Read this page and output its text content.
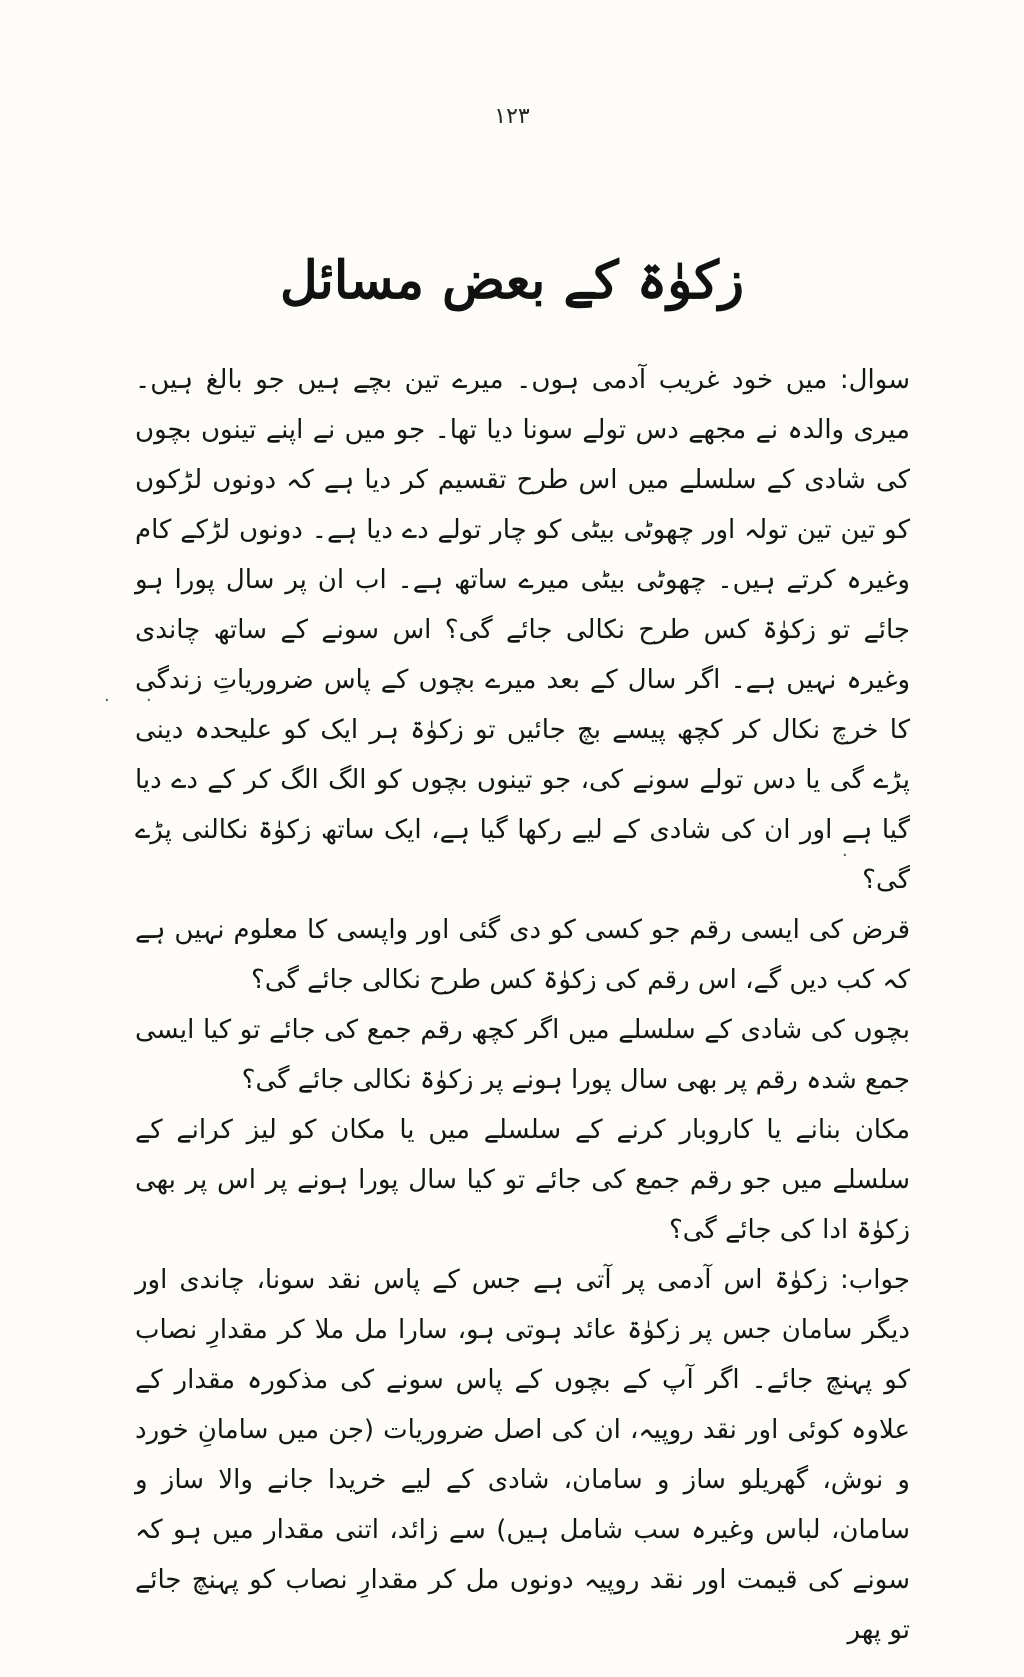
۱۲۳
زکوٰۃ کے بعض مسائل

سوال: میں خود غریب آدمی ہوں۔ میرے تین بچے ہیں جو بالغ ہیں۔ میری والدہ نے مجھے دس تولے سونا دیا تھا۔ جو میں نے اپنے تینوں بچوں کی شادی کے سلسلے میں اس طرح تقسیم کر دیا ہے کہ دونوں لڑکوں کو تین تین تولہ اور چھوٹی بیٹی کو چار تولے دے دیا ہے۔ دونوں لڑکے کام وغیرہ کرتے ہیں۔ چھوٹی بیٹی میرے ساتھ ہے۔ اب ان پر سال پورا ہو جائے تو زکوٰۃ کس طرح نکالی جائے گی؟ اس سونے کے ساتھ چاندی وغیرہ نہیں ہے۔ اگر سال کے بعد میرے بچوں کے پاس ضروریاتِ زندگی کا خرچ نکال کر کچھ پیسے بچ جائیں تو زکوٰۃ ہر ایک کو علیحدہ دینی پڑے گی یا دس تولے سونے کی، جو تینوں بچوں کو الگ الگ کر کے دے دیا گیا ہے اور ان کی شادی کے لیے رکھا گیا ہے، ایک ساتھ زکوٰۃ نکالنی پڑے گی؟

قرض کی ایسی رقم جو کسی کو دی گئی اور واپسی کا معلوم نہیں ہے کہ کب دیں گے، اس رقم کی زکوٰۃ کس طرح نکالی جائے گی؟

بچوں کی شادی کے سلسلے میں اگر کچھ رقم جمع کی جائے تو کیا ایسی جمع شدہ رقم پر بھی سال پورا ہونے پر زکوٰۃ نکالی جائے گی؟

مکان بنانے یا کاروبار کرنے کے سلسلے میں یا مکان کو لیز کرانے کے سلسلے میں جو رقم جمع کی جائے تو کیا سال پورا ہونے پر اس پر بھی زکوٰۃ ادا کی جائے گی؟

جواب: زکوٰۃ اس آدمی پر آتی ہے جس کے پاس نقد سونا، چاندی اور دیگر سامان جس پر زکوٰۃ عائد ہوتی ہو، سارا مل ملا کر مقدارِ نصاب کو پہنچ جائے۔ اگر آپ کے بچوں کے پاس سونے کی مذکورہ مقدار کے علاوہ کوئی اور نقد روپیہ، ان کی اصل ضروریات (جن میں سامانِ خورد و نوش، گھریلو ساز و سامان، شادی کے لیے خریدا جانے والا ساز و سامان، لباس وغیرہ سب شامل ہیں) سے زائد، اتنی مقدار میں ہو کہ سونے کی قیمت اور نقد روپیہ دونوں مل کر مقدارِ نصاب کو پہنچ جائے تو پھر

· ·
·
